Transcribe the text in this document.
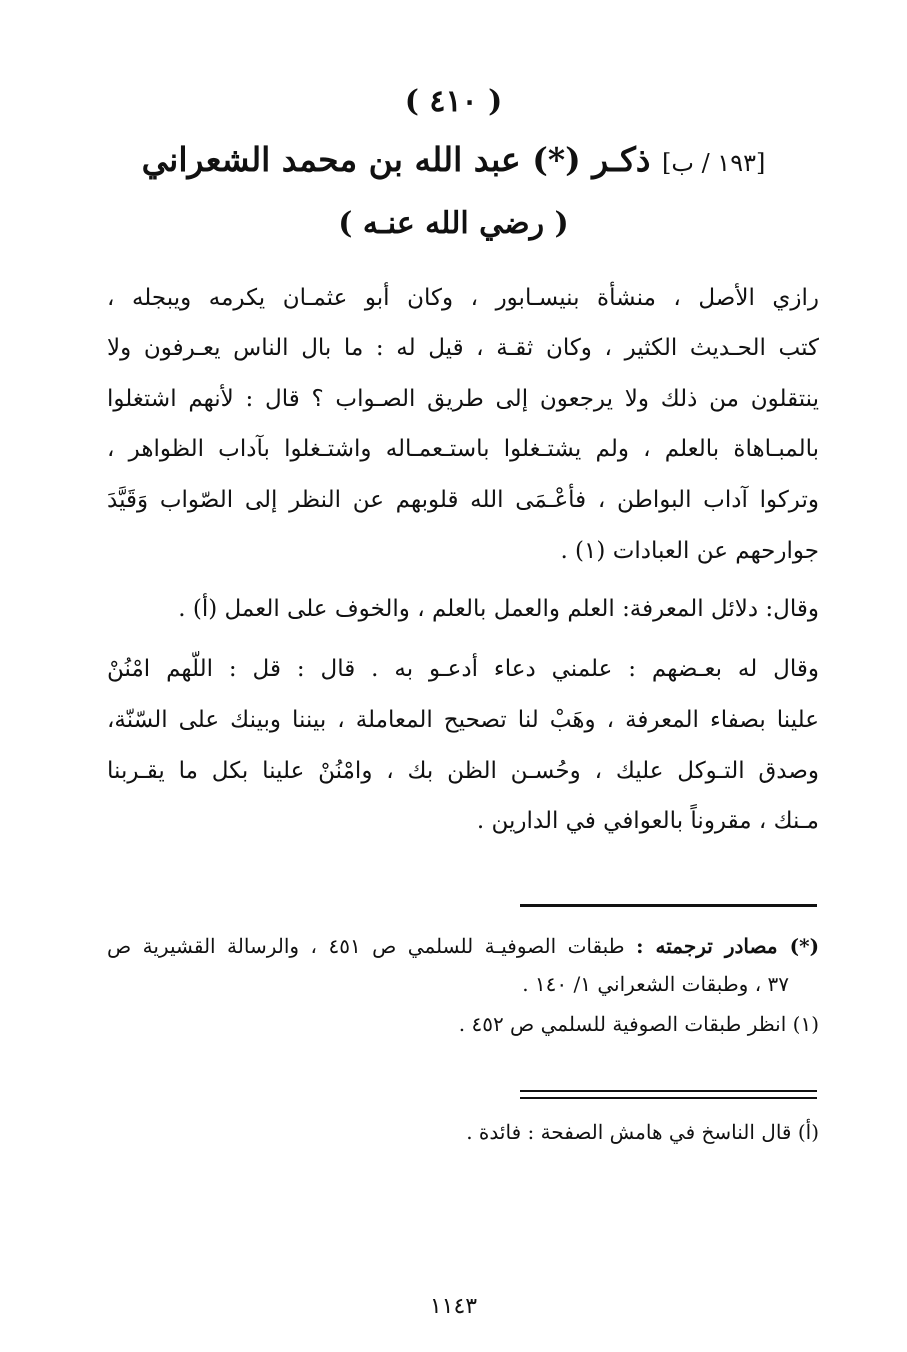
( ٤١٠ )
[١٩٣ / ب] ذكـر (*) عبد الله بن محمد الشعراني
( رضي الله عنـه )
رازي الأصل ، منشأة بنيسـابور ، وكان أبو عثمـان يكرمه ويبجله ،
كتب الحـديث الكثير ، وكان ثقـة ، قيل له : ما بال الناس يعـرفون ولا
ينتقلون من ذلك ولا يرجعون إلى طريق الصـواب ؟ قال : لأنهم اشتغلوا
بالمبـاهاة بالعلم ، ولم يشتـغلوا باستـعمـاله واشتـغلوا بآداب الظواهر ،
وتركوا آداب البواطن ، فأعْـمَى الله قلوبهم عن النظر إلى الصّواب وَقَيَّدَ
جوارحهم عن العبادات (١) .
وقال: دلائل المعرفة: العلم والعمل بالعلم ، والخوف على العمل (أ) .
وقال له بعـضهم : علمني دعاء أدعـو به . قال : قل : اللّهم امْنُنْ
علينا بصفاء المعرفة ، وهَبْ لنا تصحيح المعاملة ، بيننا وبينك على السّنّة،
وصدق التـوكل عليك ، وحُسـن الظن بك ، وامْنُنْ علينا بكل ما يقـربنا
مـنك ، مقروناً بالعوافي في الدارين .
(*) مصادر ترجمته : طبقات الصوفيـة للسلمي ص ٤٥١ ، والرسالة القشيرية ص
٣٧ ، وطبقات الشعراني ١/ ١٤٠ .
(١) انظر طبقات الصوفية للسلمي ص ٤٥٢ .
(أ) قال الناسخ في هامش الصفحة : فائدة .
١١٤٣
